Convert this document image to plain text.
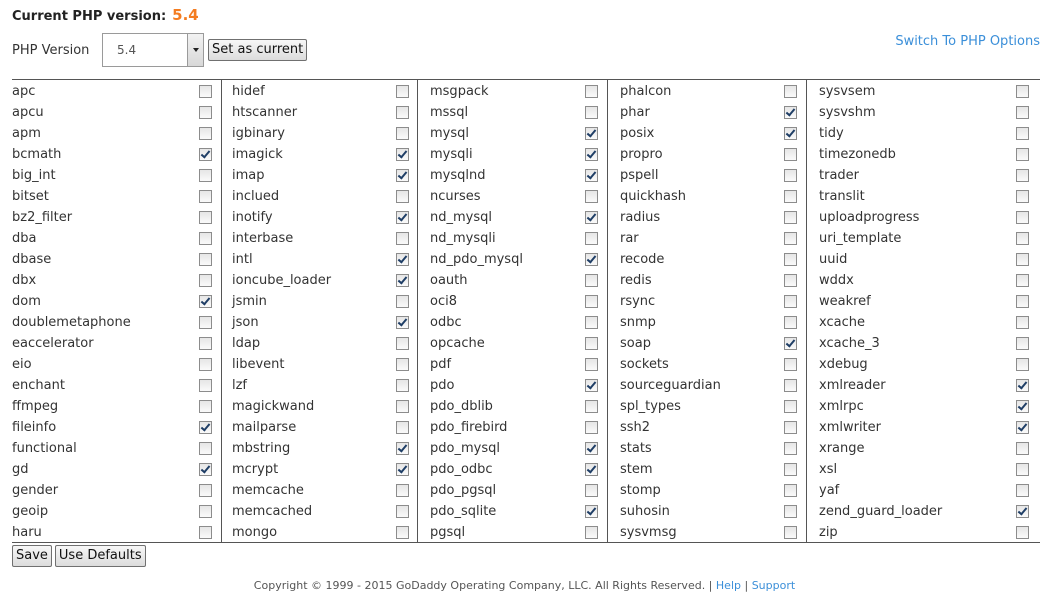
Current PHP version: 5.4
PHP Version	5.4	Set as current
Switch To PHP Options
apc
apcu
apm
bcmath
big_int
bitset
bz2_filter
dba
dbase
dbx
dom
doublemetaphone
eaccelerator
eio
enchant
ffmpeg
fileinfo
functional
gd
gender
geoip
haru
hidef
htscanner
igbinary
imagick
imap
inclued
inotify
interbase
intl
ioncube_loader
jsmin
json
ldap
libevent
lzf
magickwand
mailparse
mbstring
mcrypt
memcache
memcached
mongo
msgpack
mssql
mysql
mysqli
mysqlnd
ncurses
nd_mysql
nd_mysqli
nd_pdo_mysql
oauth
oci8
odbc
opcache
pdf
pdo
pdo_dblib
pdo_firebird
pdo_mysql
pdo_odbc
pdo_pgsql
pdo_sqlite
pgsql
phalcon
phar
posix
propro
pspell
quickhash
radius
rar
recode
redis
rsync
snmp
soap
sockets
sourceguardian
spl_types
ssh2
stats
stem
stomp
suhosin
sysvmsg
sysvsem
sysvshm
tidy
timezonedb
trader
translit
uploadprogress
uri_template
uuid
wddx
weakref
xcache
xcache_3
xdebug
xmlreader
xmlrpc
xmlwriter
xrange
xsl
yaf
zend_guard_loader
zip
Save Use Defaults
Copyright © 1999 - 2015 GoDaddy Operating Company, LLC. All Rights Reserved. | Help | Support
